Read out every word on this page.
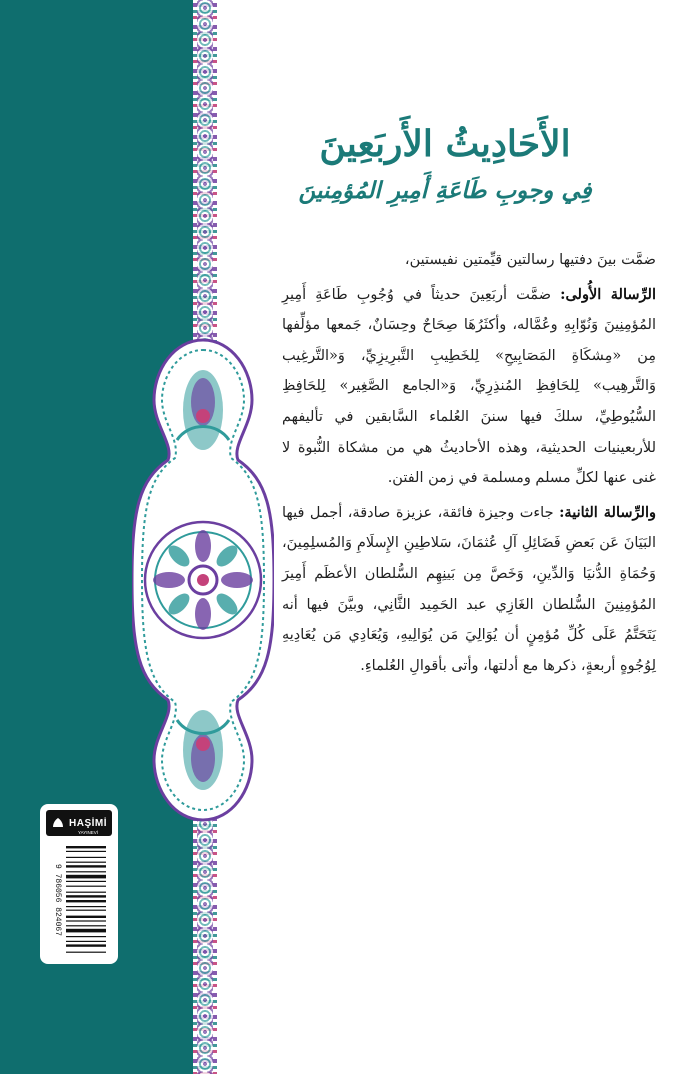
الأَحَادِيثُ الأَربَعِينَ
فِي وجوبِ طَاعَةِ أَمِيرِ المُؤمِنينَ

ضمَّت بينَ دفتيها رسالتين قيِّمتين نفيستين،

الرِّسالة الأُولى: ضمَّت أربَعِينَ حديثاً في وُجُوبِ طَاعَةِ أَمِيرِ المُؤمِنِينَ وَنُوّابِهِ وعُمَّاله، وأكثَرُهَا صِحَاحٌ وحِسَانٌ، جَمعها مؤلِّفها مِن «مِشكَاةِ المَصَابِيحِ» لِلخَطِيبِ التَّبرِيزِيِّ، وَ«التَّرغِيب وَالتَّرهِيب» لِلحَافِظِ المُنذِرِيِّ، وَ«الجامع الصَّغِير» لِلحَافِظِ السُّيُوطِيِّ، سلكَ فيها سننَ العُلماء السَّابقين في تأليفهم للأربعينيات الحديثية، وهذه الأحاديثُ هي من مشكاة النُّبوة لا غنى عنها لكلِّ مسلم ومسلمة في زمن الفتن.

والرِّسالة الثانية: جاءت وجيزة فائقة، عزيزة صادقة، أجمل فيها البَيَانَ عَن بَعضِ فَضَائِلِ آلِ عُثمَانَ، سَلاطِينِ الإِسلَامِ وَالمُسلِمِينَ، وَحُمَاةِ الدُّنيَا وَالدِّينِ، وَخَصَّ مِن بَينِهِم السُّلطان الأعظَم أَمِيرَ المُؤمِنِينَ السُّلطان الغَازِي عبد الحَمِيد الثَّانِي، وبيَّنَ فيها أنه يَتَحَتَّمُ عَلَى كُلِّ مُؤمِنٍ أن يُوَالِيَ مَن يُوَالِيهِ، وَيُعَادِي مَن يُعَادِيهِ لِوُجُوهٍ أربعةٍ، ذكرها مع أدلتها، وأتى بأقوالِ العُلماءِ.

HAŞİMİ
YAYINEVİ
9 786056 824067
